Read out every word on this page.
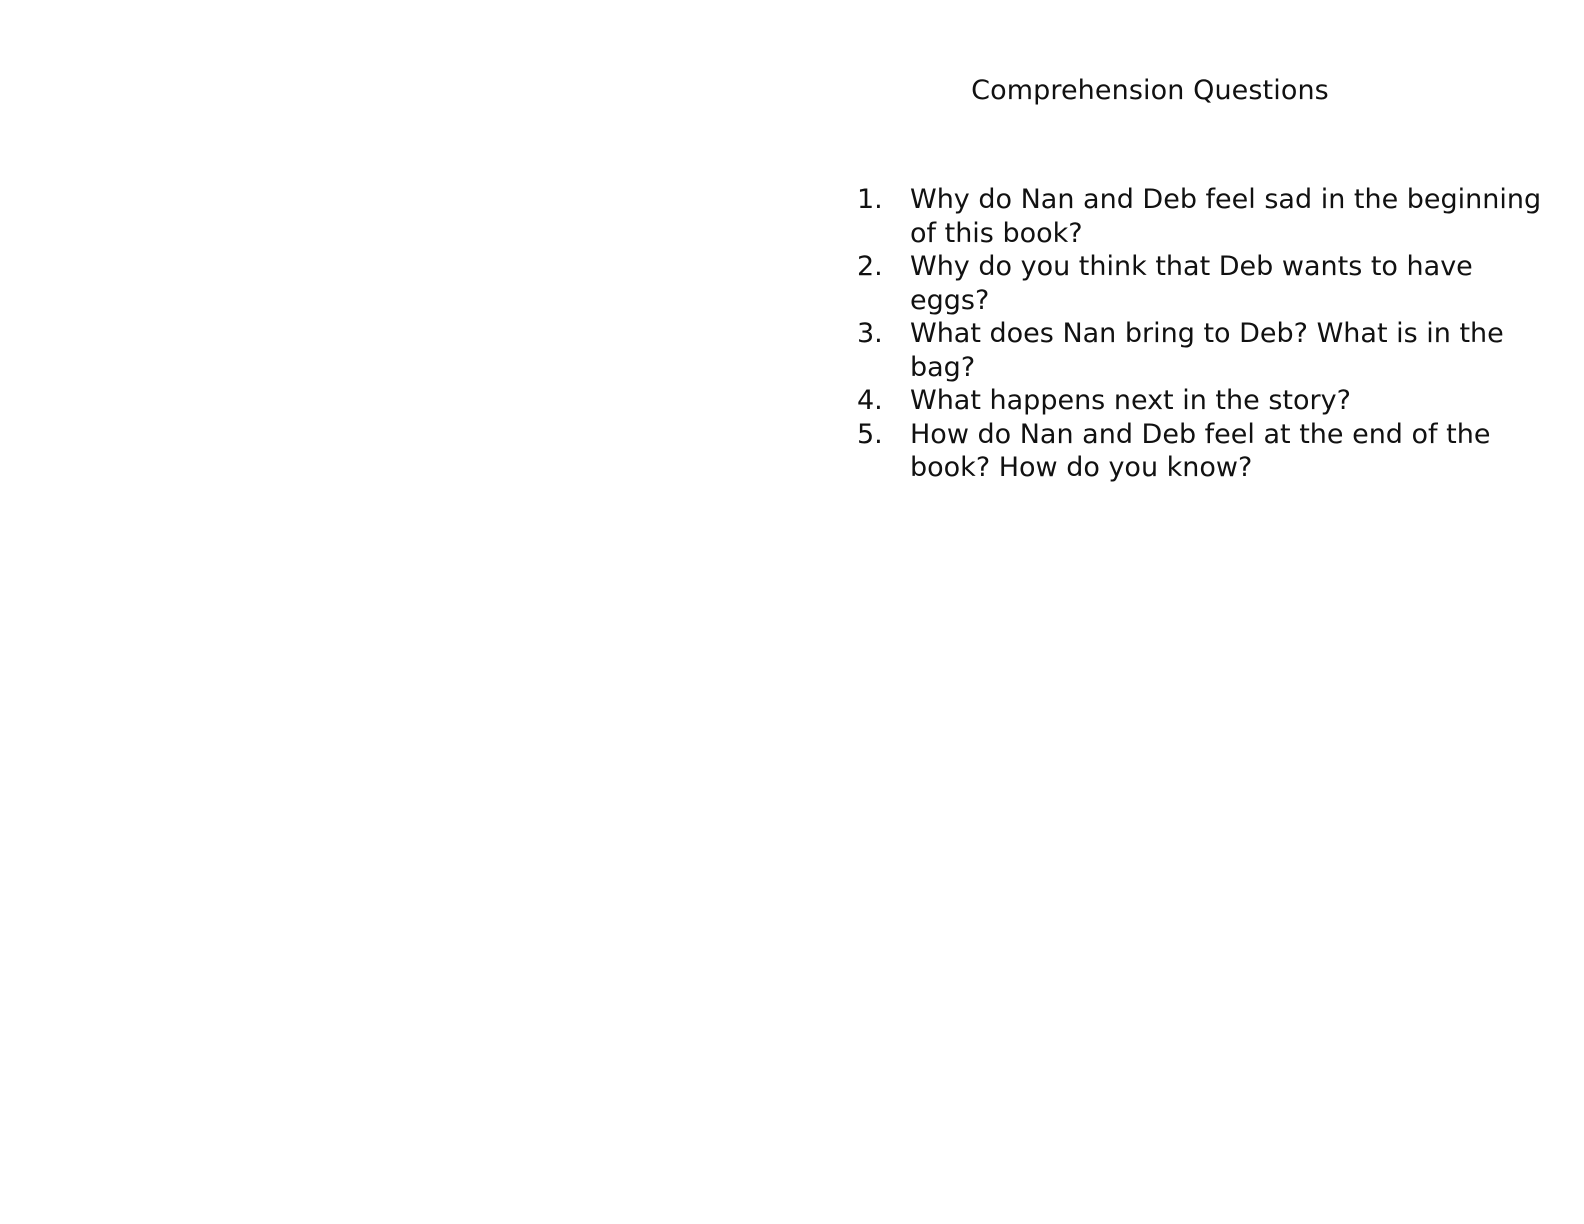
Comprehension Questions
1.	Why do Nan and Deb feel sad in the beginning of this book?
2.	Why do you think that Deb wants to have eggs?
3.	What does Nan bring to Deb? What is in the bag?
4.	What happens next in the story?
5.	How do Nan and Deb feel at the end of the book? How do you know?
